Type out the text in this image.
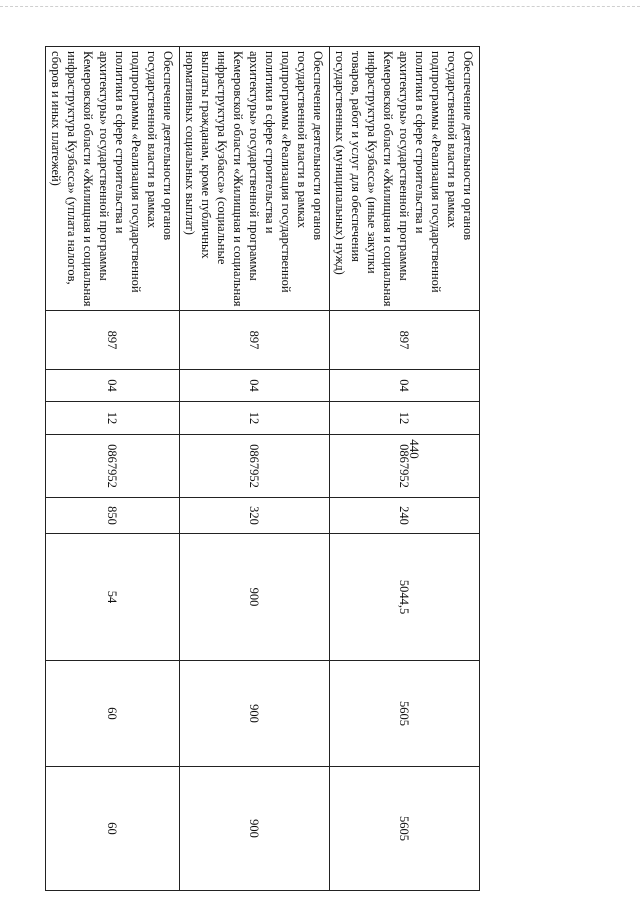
440
Обеспечение деятельности органов государственной власти в рамках подпрограммы «Реализация государственной политики в сфере строительства и архитектуры» государственной программы Кемеровской области «Жилищная и социальная инфраструктура Кузбасса» (иные закупки товаров, работ и услуг для обеспечения государственных (муниципальных) нужд)	897	04	12	0867952	240	5044,5	5605	5605
Обеспечение деятельности органов государственной власти в рамках подпрограммы «Реализация государственной политики в сфере строительства и архитектуры» государственной программы Кемеровской области «Жилищная и социальная инфраструктура Кузбасса» (социальные выплаты гражданам, кроме публичных нормативных социальных выплат)	897	04	12	0867952	320	900	900	900
Обеспечение деятельности органов государственной власти в рамках подпрограммы «Реализация государственной политики в сфере строительства и архитектуры» государственной программы Кемеровской области «Жилищная и социальная инфраструктура Кузбасса» (уплата налогов, сборов и иных платежей)	897	04	12	0867952	850	54	60	60
